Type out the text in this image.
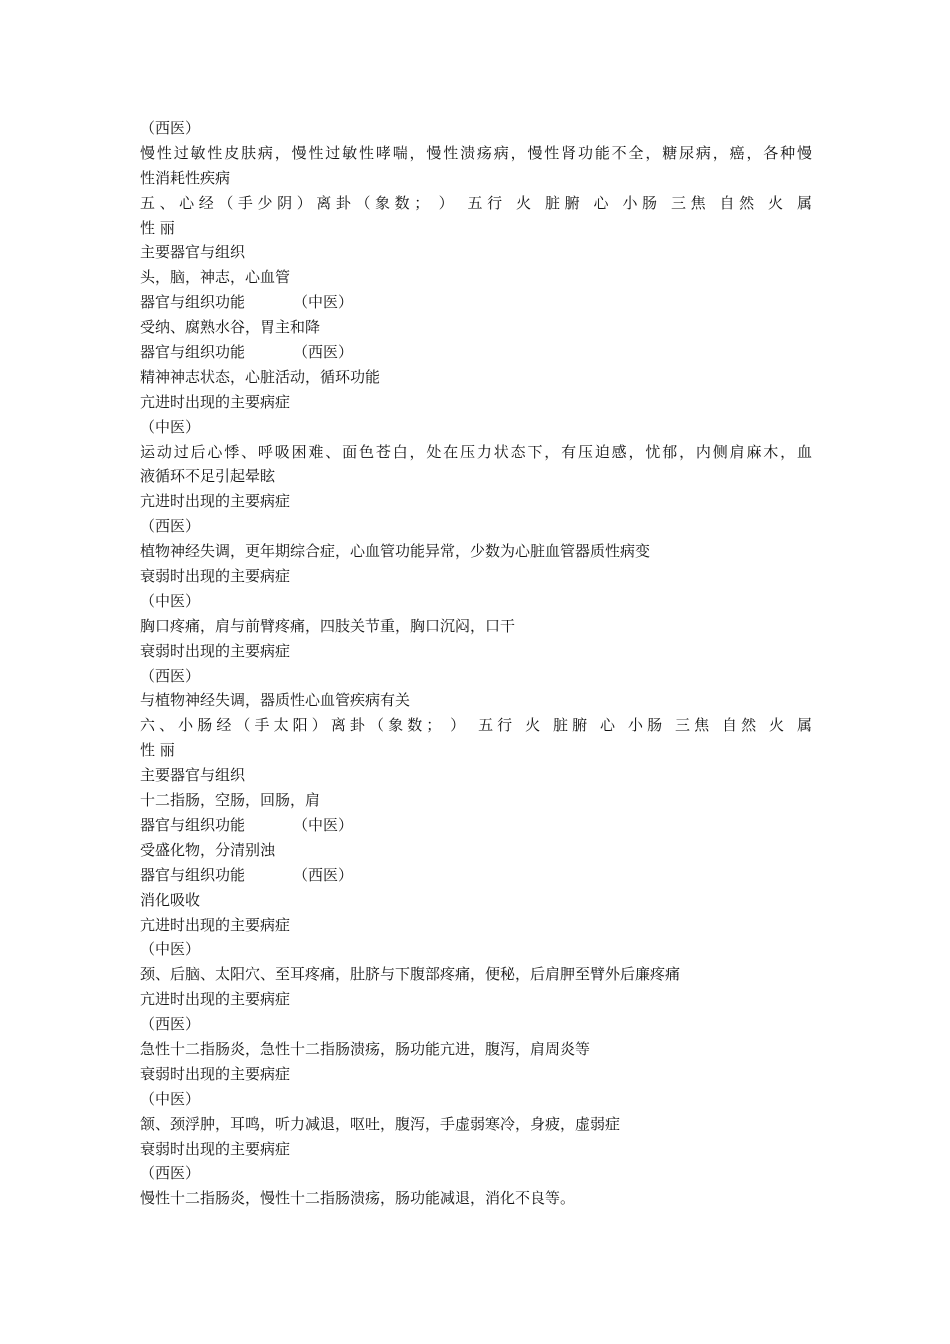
（西医）
慢性过敏性皮肤病，慢性过敏性哮喘，慢性溃疡病，慢性肾功能不全，糖尿病，癌，各种慢
性消耗性疾病
五、心经（手少阴）离卦（象数； ） 五行 火 脏腑 心 小肠 三焦 自然 火 属
性 丽
主要器官与组织
头，脑，神志，心血管
器官与组织功能	（中医）
受纳、腐熟水谷，胃主和降
器官与组织功能	（西医）
精神神志状态，心脏活动，循环功能
亢进时出现的主要病症
（中医）
运动过后心悸、呼吸困难、面色苍白，处在压力状态下，有压迫感，忧郁，内侧肩麻木，血
液循环不足引起晕眩
亢进时出现的主要病症
（西医）
植物神经失调，更年期综合症，心血管功能异常，少数为心脏血管器质性病变
衰弱时出现的主要病症
（中医）
胸口疼痛，肩与前臂疼痛，四肢关节重，胸口沉闷，口干
衰弱时出现的主要病症
（西医）
与植物神经失调，器质性心血管疾病有关
六、小肠经（手太阳）离卦（象数； ） 五行 火 脏腑 心 小肠 三焦 自然 火 属
性 丽
主要器官与组织
十二指肠，空肠，回肠，肩
器官与组织功能	（中医）
受盛化物，分清别浊
器官与组织功能	（西医）
消化吸收
亢进时出现的主要病症
（中医）
颈、后脑、太阳穴、至耳疼痛，肚脐与下腹部疼痛，便秘，后肩胛至臂外后廉疼痛
亢进时出现的主要病症
（西医）
急性十二指肠炎，急性十二指肠溃疡，肠功能亢进，腹泻，肩周炎等
衰弱时出现的主要病症
（中医）
颔、颈浮肿，耳鸣，听力减退，呕吐，腹泻，手虚弱寒冷，身疲，虚弱症
衰弱时出现的主要病症
（西医）
慢性十二指肠炎，慢性十二指肠溃疡，肠功能减退，消化不良等。
